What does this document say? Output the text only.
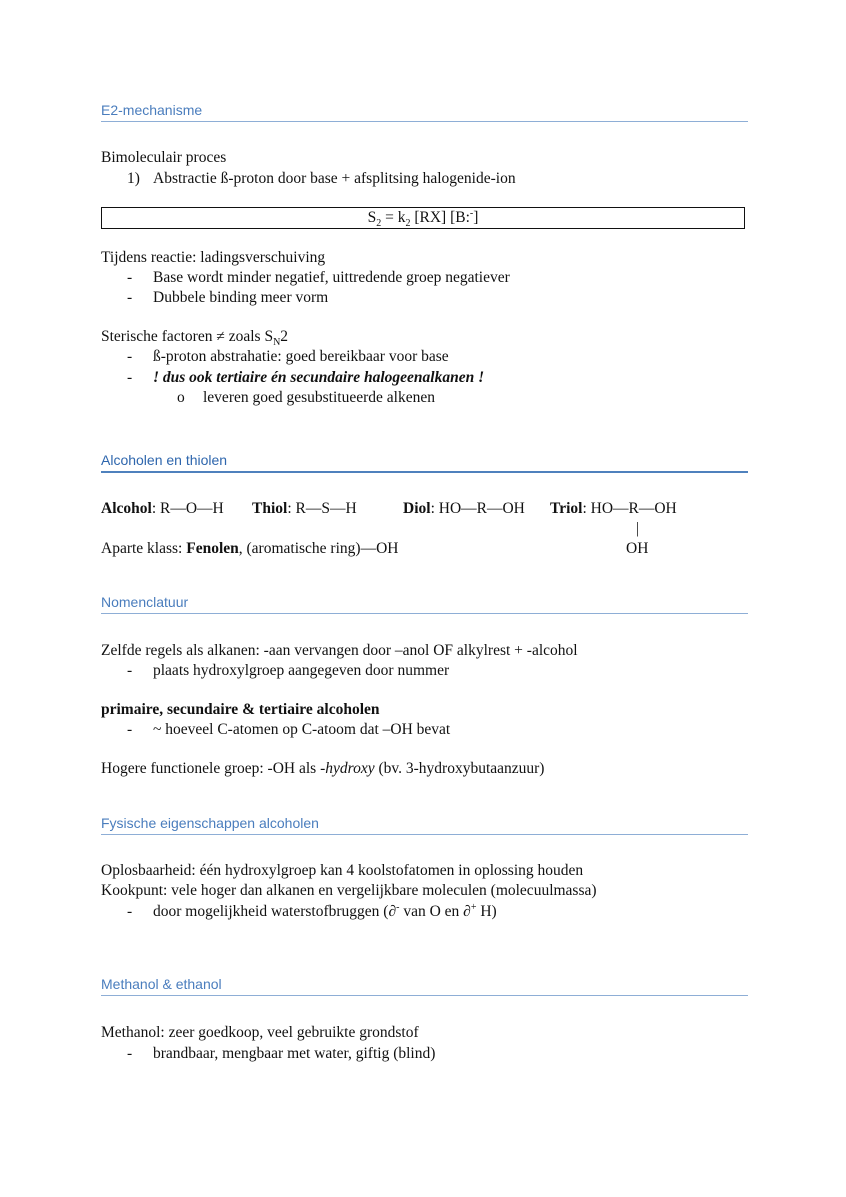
E2-mechanisme
Bimoleculair proces
1) Abstractie ß-proton door base + afsplitsing halogenide-ion
$S_2 = k_2$ [RX] [B:-]
Tijdens reactie: ladingsverschuiving
- Base wordt minder negatief, uittredende groep negatiever
- Dubbele binding meer vorm
Sterische factoren ≠ zoals $S_N2$
- ß-proton abstrahatie: goed bereikbaar voor base
- ! dus ook tertiaire én secundaire halogeenalkanen !
o leveren goed gesubstitueerde alkenen
Alcoholen en thiolen
Alcohol: R—O—H Thiol: R—S—H	Diol: HO—R—OH Triol: HO—R—OH
|
OH
Aparte klass: Fenolen, (aromatische ring)—OH
Nomenclatuur
Zelfde regels als alkanen: -aan vervangen door –anol OF alkylrest + -alcohol
- plaats hydroxylgroep aangegeven door nummer
primaire, secundaire & tertiaire alcoholen
- ~ hoeveel C-atomen op C-atoom dat –OH bevat
Hogere functionele groep: -OH als -hydroxy (bv. 3-hydroxybutaanzuur)
Fysische eigenschappen alcoholen
Oplosbaarheid: één hydroxylgroep kan 4 koolstofatomen in oplossing houden
Kookpunt: vele hoger dan alkanen en vergelijkbare moleculen (molecuulmassa)
- door mogelijkheid waterstofbruggen (∂- van O en ∂+ H)
Methanol & ethanol
Methanol: zeer goedkoop, veel gebruikte grondstof
- brandbaar, mengbaar met water, giftig (blind)
